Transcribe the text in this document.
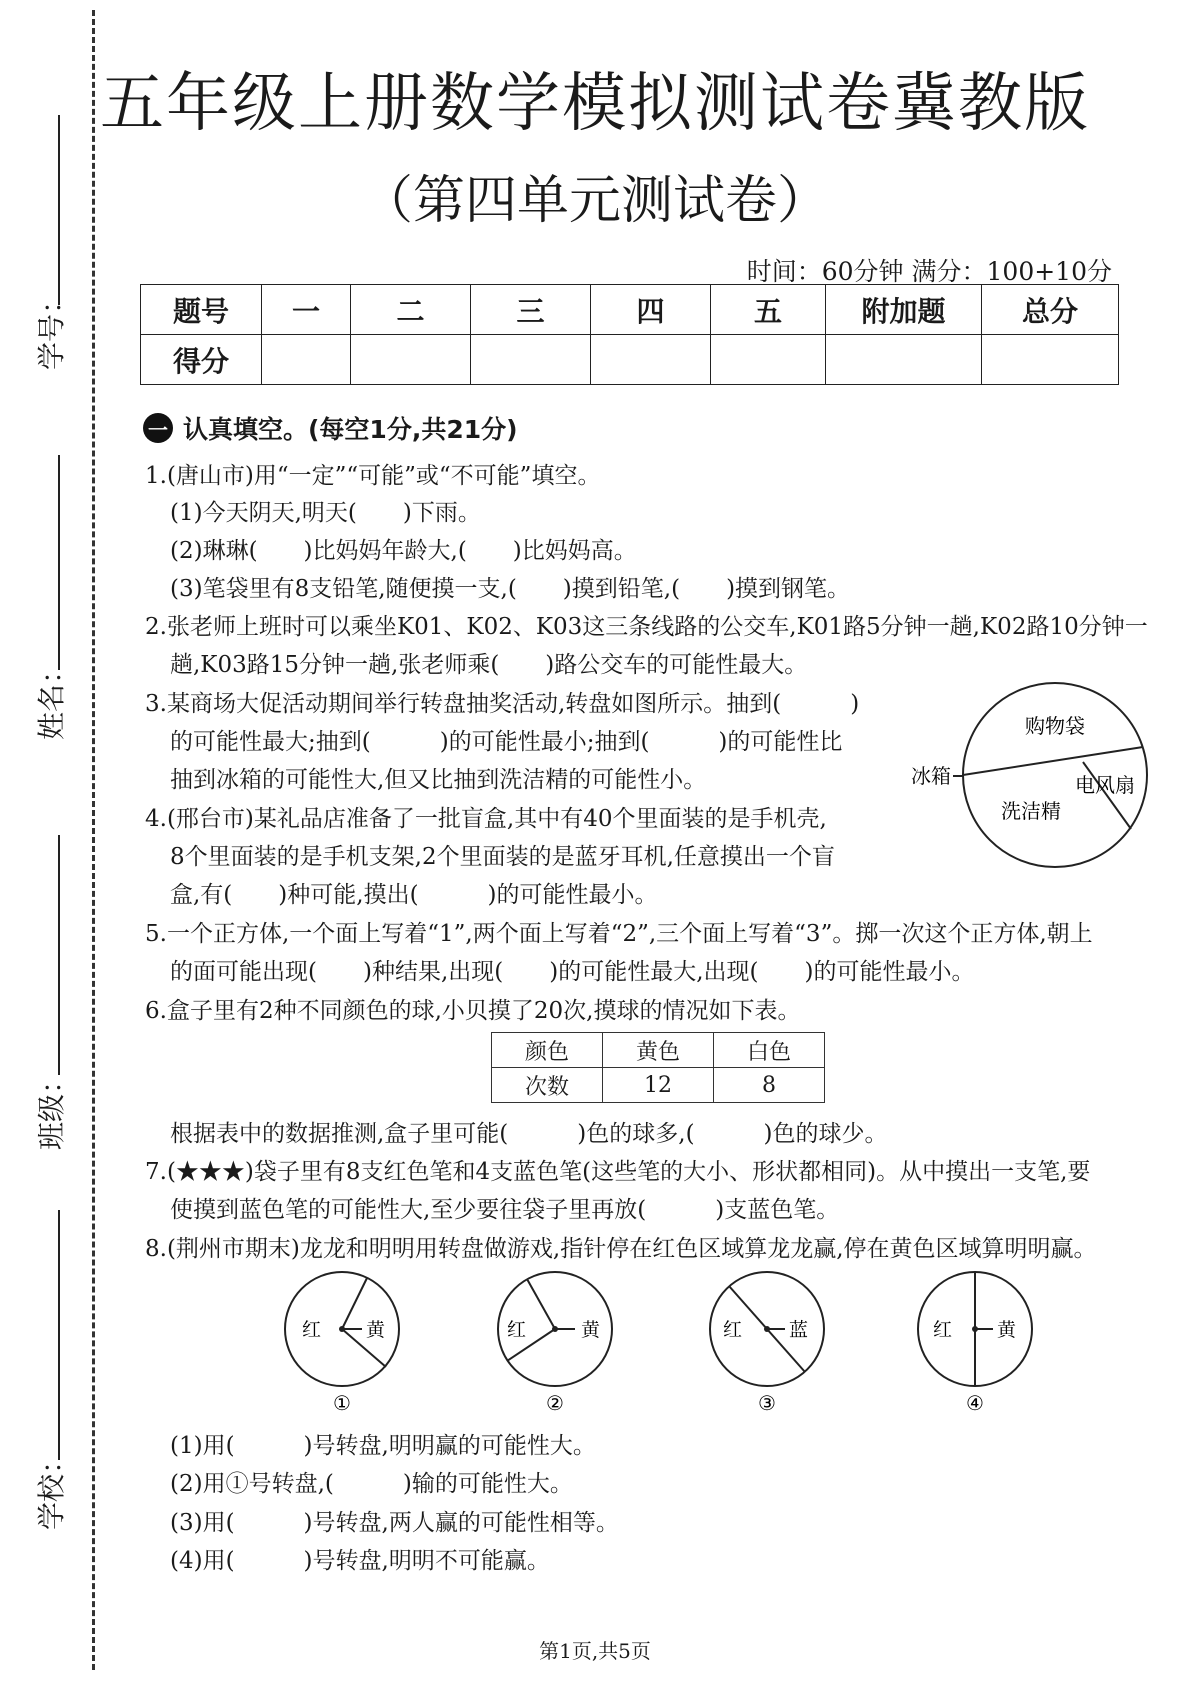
学号：
姓名：
班级：
学校：
五年级上册数学模拟测试卷冀教版
（第四单元测试卷）
时间：60分钟 满分：100+10分
题号	一	二	三	四	五	附加题	总分
得分							
一 认真填空。(每空1分,共21分)
1.(唐山市)用“一定”“可能”或“不可能”填空。
(1)今天阴天,明天(　　)下雨。
(2)琳琳(　　)比妈妈年龄大,(　　)比妈妈高。
(3)笔袋里有8支铅笔,随便摸一支,(　　)摸到铅笔,(　　)摸到钢笔。
2.张老师上班时可以乘坐K01、K02、K03这三条线路的公交车,K01路5分钟一趟,K02路10分钟一
趟,K03路15分钟一趟,张老师乘(　　)路公交车的可能性最大。
3.某商场大促活动期间举行转盘抽奖活动,转盘如图所示。抽到(　　　)
的可能性最大;抽到(　　　)的可能性最小;抽到(　　　)的可能性比
抽到冰箱的可能性大,但又比抽到洗洁精的可能性小。
4.(邢台市)某礼品店准备了一批盲盒,其中有40个里面装的是手机壳,
8个里面装的是手机支架,2个里面装的是蓝牙耳机,任意摸出一个盲
盒,有(　　)种可能,摸出(　　　)的可能性最小。
5.一个正方体,一个面上写着“1”,两个面上写着“2”,三个面上写着“3”。掷一次这个正方体,朝上
的面可能出现(　　)种结果,出现(　　)的可能性最大,出现(　　)的可能性最小。
6.盒子里有2种不同颜色的球,小贝摸了20次,摸球的情况如下表。
购物袋
冰箱	电风扇
洗洁精
颜色	黄色	白色
次数	12	8
根据表中的数据推测,盒子里可能(　　　)色的球多,(　　　)色的球少。
7.(★★★)袋子里有8支红色笔和4支蓝色笔(这些笔的大小、形状都相同)。从中摸出一支笔,要
使摸到蓝色笔的可能性大,至少要往袋子里再放(　　　)支蓝色笔。
8.(荆州市期末)龙龙和明明用转盘做游戏,指针停在红色区域算龙龙赢,停在黄色区域算明明赢。
红 黄
①
红	黄
②
红 蓝
③
红 黄
④
(1)用(　　　)号转盘,明明赢的可能性大。
(2)用①号转盘,(　　　)输的可能性大。
(3)用(　　　)号转盘,两人赢的可能性相等。
(4)用(　　　)号转盘,明明不可能赢。
第1页,共5页
